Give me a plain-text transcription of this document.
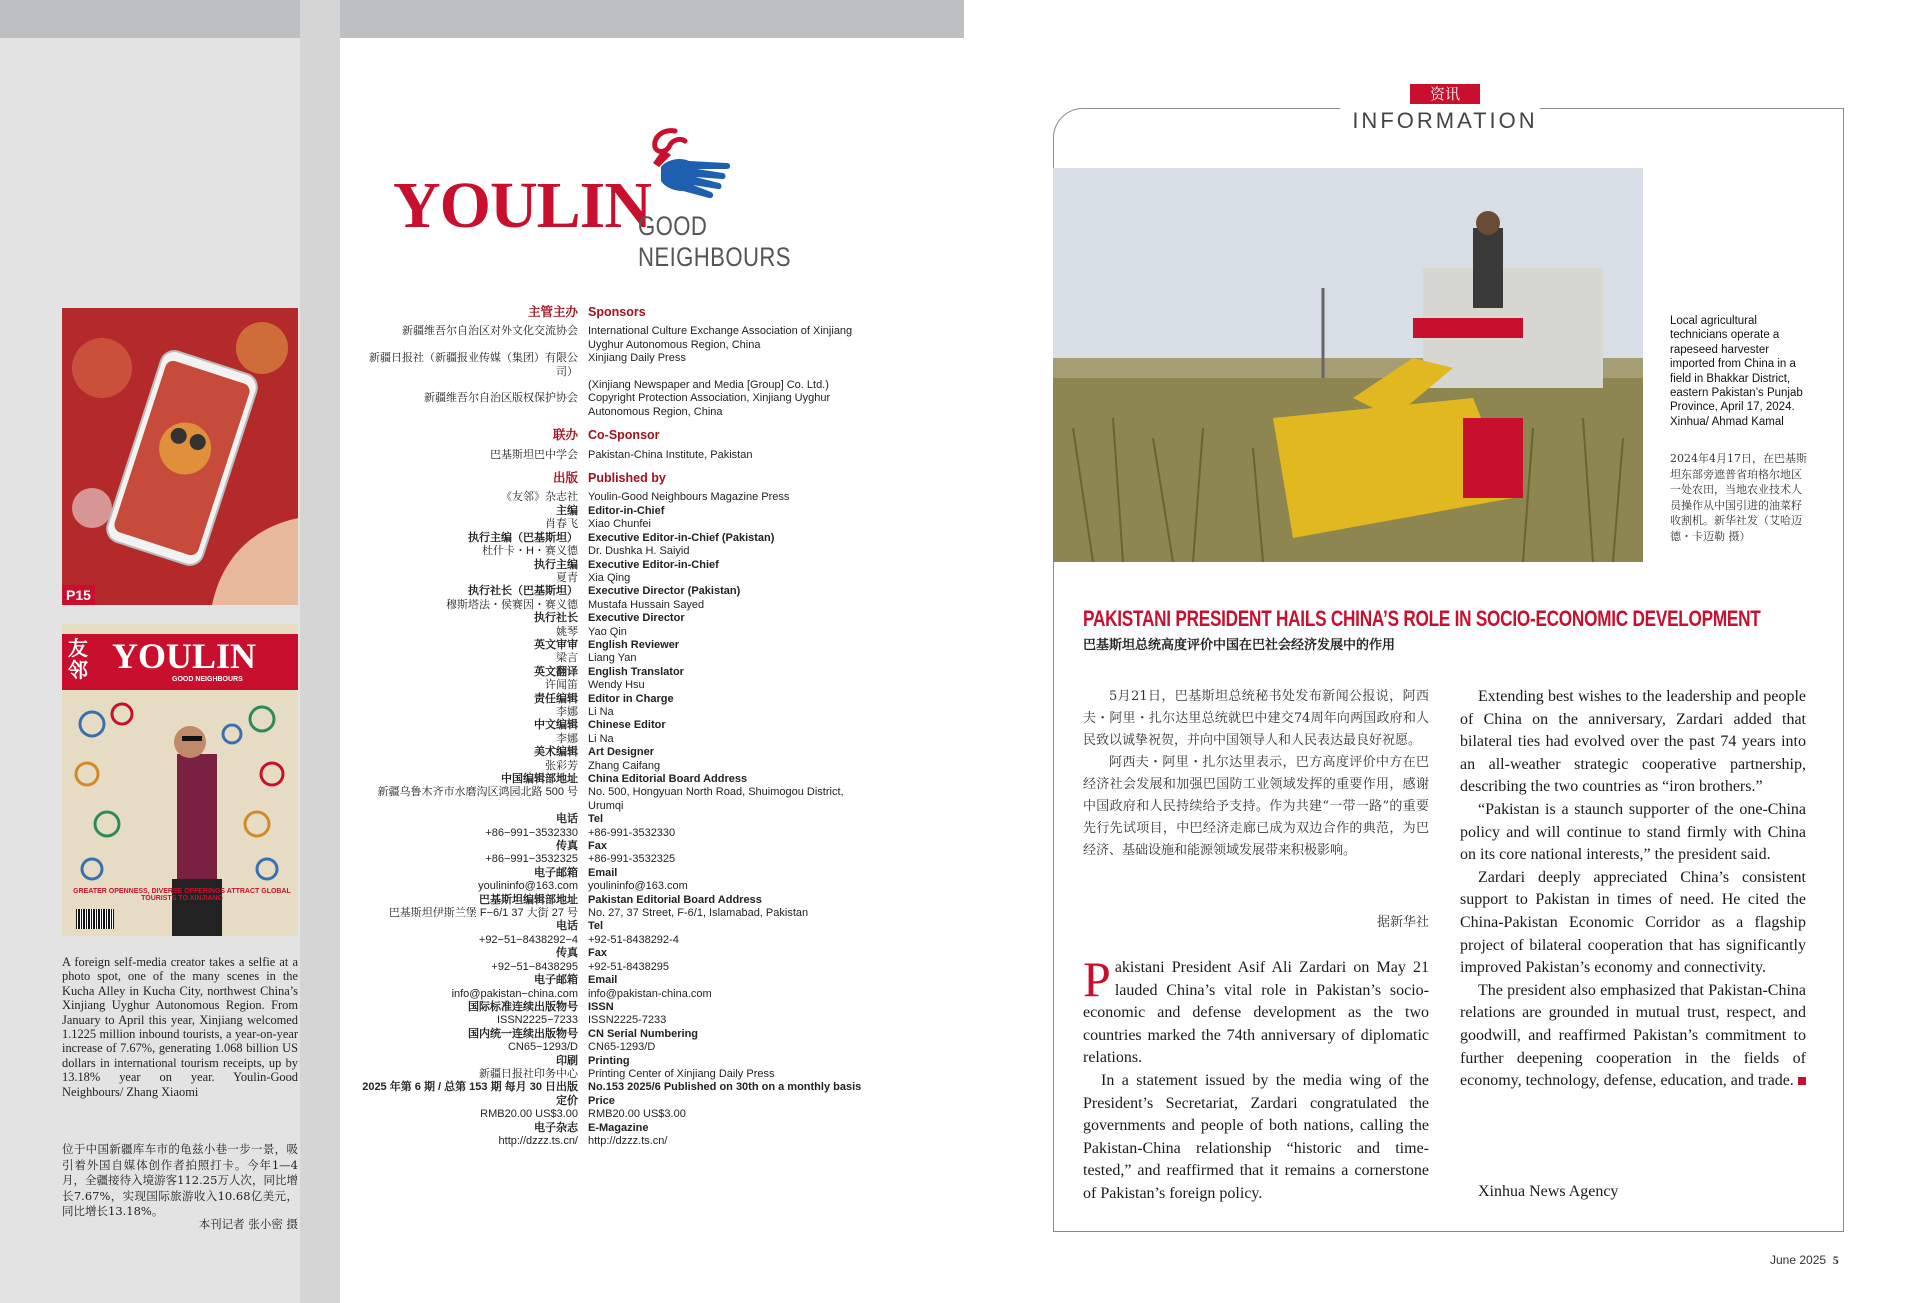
YOULIN
GOOD NEIGHBOURS
主管主办 Sponsors
新疆维吾尔自治区对外文化交流协会 International Culture Exchange Association of Xinjiang
Uyghur Autonomous Region, China
新疆日报社（新疆报业传媒（集团）有限公司）
Xinjiang Daily Press
(Xinjiang Newspaper and Media [Group] Co. Ltd.)
新疆维吾尔自治区版权保护协会 Copyright Protection Association, Xinjiang Uyghur
Autonomous Region, China
联办 Co-Sponsor
巴基斯坦巴中学会 Pakistan-China Institute, Pakistan
出版 Published by
《友邻》杂志社 Youlin-Good Neighbours Magazine Press
主编 Editor-in-Chief
肖春飞 Xiao Chunfei
执行主编（巴基斯坦） Executive Editor-in-Chief (Pakistan)
杜什卡・H・赛义德 Dr. Dushka H. Saiyid
执行主编 Executive Editor-in-Chief
夏青 Xia Qing
执行社长（巴基斯坦） Executive Director (Pakistan)
穆斯塔法・侯赛因・赛义德 Mustafa Hussain Sayed
执行社长 Executive Director
姚琴 Yao Qin
英文审审 English Reviewer
梁言 Liang Yan
英文翻译 English Translator
许闻笛 Wendy Hsu
责任编辑 Editor in Charge
李娜 Li Na
中文编辑 Chinese Editor
李娜 Li Na
美术编辑 Art Designer
张彩芳 Zhang Caifang
中国编辑部地址 China Editorial Board Address
新疆乌鲁木齐市水磨沟区鸿园北路 500 号 No. 500, Hongyuan North Road, Shuimogou District,
Urumqi
电话 Tel
+86−991−3532330 +86-991-3532330
传真 Fax
+86−991−3532325 +86-991-3532325
电子邮箱 Email
youlininfo@163.com youlininfo@163.com
巴基斯坦编辑部地址 Pakistan Editorial Board Address
巴基斯坦伊斯兰堡 F−6/1 37 大街 27 号 No. 27, 37 Street, F-6/1, Islamabad, Pakistan
电话 Tel
+92−51−8438292−4 +92-51-8438292-4
传真 Fax
+92−51−8438295 +92-51-8438295
电子邮箱 Email
info@pakistan−china.com info@pakistan-china.com
国际标准连续出版物号 ISSN
ISSN2225−7233 ISSN2225-7233
国内统一连续出版物号 CN Serial Numbering
CN65−1293/D CN65-1293/D
印刷 Printing
新疆日报社印务中心 Printing Center of Xinjiang Daily Press
2025 年第 6 期 / 总第 153 期 每月 30 日出版 No.153 2025/6 Published on 30th on a monthly basis
定价 Price
RMB20.00 US$3.00 RMB20.00 US$3.00
电子杂志 E-Magazine
http://dzzz.ts.cn/ http://dzzz.ts.cn/
P15
友邻 YOULIN
GOOD NEIGHBOURS
GREATER OPENNESS, DIVERSE OFFERINGS ATTRACT GLOBAL TOURISTS TO XINJIANG
A foreign self-media creator takes a selfie at a photo spot, one of the many scenes in the Kucha Alley in Kucha City, northwest China’s Xinjiang Uyghur Autonomous Region. From January to April this year, Xinjiang welcomed 1.1225 million inbound tourists, a year-on-year increase of 7.67%, generating 1.068 billion US dollars in international tourism receipts, up by 13.18% year on year. Youlin-Good Neighbours/ Zhang Xiaomi
位于中国新疆库车市的龟兹小巷一步一景，吸引着外国自媒体创作者拍照打卡。今年1—4月，全疆接待入境游客112.25万人次，同比增长7.67%，实现国际旅游收入10.68亿美元，同比增长13.18%。
本刊记者 张小密 摄
资讯
INFORMATION
Local agricultural technicians operate a rapeseed harvester imported from China in a field in Bhakkar District, eastern Pakistan’s Punjab Province, April 17, 2024. Xinhua/ Ahmad Kamal
2024年4月17日，在巴基斯坦东部旁遮普省珀格尔地区一处农田，当地农业技术人员操作从中国引进的油菜籽收割机。新华社发（艾哈迈德・卡迈勒 摄）
PAKISTANI PRESIDENT HAILS CHINA’S ROLE IN SOCIO-ECONOMIC DEVELOPMENT
巴基斯坦总统高度评价中国在巴社会经济发展中的作用

5月21日，巴基斯坦总统秘书处发布新闻公报说，阿西夫・阿里・扎尔达里总统就巴中建交74周年向两国政府和人民致以诚挚祝贺，并向中国领导人和人民表达最良好祝愿。

阿西夫・阿里・扎尔达里表示，巴方高度评价中方在巴经济社会发展和加强巴国防工业领域发挥的重要作用，感谢中国政府和人民持续给予支持。作为共建“一带一路”的重要先行先试项目，中巴经济走廊已成为双边合作的典范，为巴经济、基础设施和能源领域发展带来积极影响。

据新华社

Pakistani President Asif Ali Zardari on May 21 lauded China’s vital role in Pakistan’s socio-economic and defense development as the two countries marked the 74th anniversary of diplomatic relations.

In a statement issued by the media wing of the President’s Secretariat, Zardari congratulated the governments and people of both nations, calling the Pakistan-China relationship “historic and time-tested,” and reaffirmed that it remains a cornerstone of Pakistan’s foreign policy.

Extending best wishes to the leadership and people of China on the anniversary, Zardari added that bilateral ties had evolved over the past 74 years into an all-weather strategic cooperative partnership, describing the two countries as “iron brothers.”

“Pakistan is a staunch supporter of the one-China policy and will continue to stand firmly with China on its core national interests,” the president said.

Zardari deeply appreciated China’s consistent support to Pakistan in times of need. He cited the China-Pakistan Economic Corridor as a flagship project of bilateral cooperation that has significantly improved Pakistan’s economy and connectivity.

The president also emphasized that Pakistan-China relations are grounded in mutual trust, respect, and goodwill, and reaffirmed Pakistan’s commitment to further deepening cooperation in the fields of economy, technology, defense, education, and trade.

Xinhua News Agency
June 2025 5
